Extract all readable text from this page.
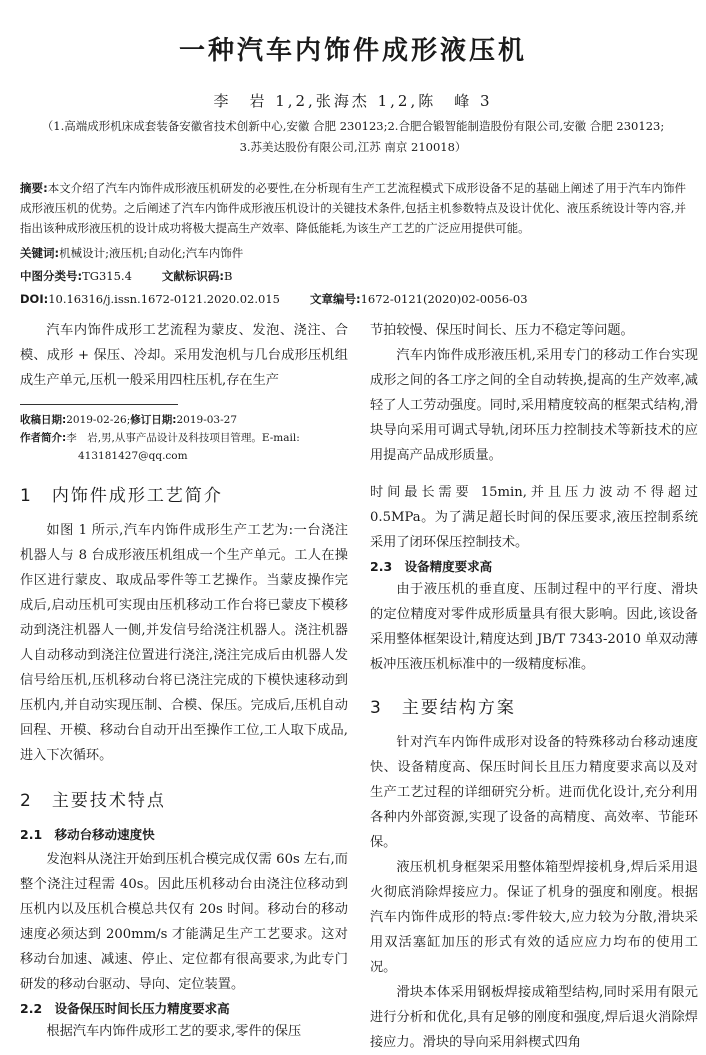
一种汽车内饰件成形液压机
李　岩 1,2,张海杰 1,2,陈　峰 3
（1.高端成形机床成套装备安徽省技术创新中心,安徽 合肥 230123;2.合肥合锻智能制造股份有限公司,安徽 合肥 230123;
3.苏美达股份有限公司,江苏 南京 210018）
摘要:本文介绍了汽车内饰件成形液压机研发的必要性,在分析现有生产工艺流程模式下成形设备不足的基础上阐述了用于汽车内饰件成形液压机的优势。之后阐述了汽车内饰件成形液压机设计的关键技术条件,包括主机参数特点及设计优化、液压系统设计等内容,并指出该种成形液压机的设计成功将极大提高生产效率、降低能耗,为该生产工艺的广泛应用提供可能。
关键词:机械设计;液压机;自动化;汽车内饰件
中图分类号:TG315.4	文献标识码:B
DOI:10.16316/j.issn.1672-0121.2020.02.015	文章编号:1672-0121(2020)02-0056-03

汽车内饰件成形工艺流程为蒙皮、发泡、浇注、合模、成形 + 保压、冷却。采用发泡机与几台成形压机组成生产单元,压机一般采用四柱压机,存在生产

收稿日期:2019-02-26;修订日期:2019-03-27

作者简介:李　岩,男,从事产品设计及科技项目管理。E-mail:

413181427@qq.com

1　内饰件成形工艺简介

如图 1 所示,汽车内饰件成形生产工艺为:一台浇注机器人与 8 台成形液压机组成一个生产单元。工人在操作区进行蒙皮、取成品零件等工艺操作。当蒙皮操作完成后,启动压机可实现由压机移动工作台将已蒙皮下模移动到浇注机器人一侧,并发信号给浇注机器人。浇注机器人自动移动到浇注位置进行浇注,浇注完成后由机器人发信号给压机,压机移动台将已浇注完成的下模快速移动到压机内,并自动实现压制、合模、保压。完成后,压机自动回程、开模、移动台自动开出至操作工位,工人取下成品,进入下次循环。

2　主要技术特点

2.1　移动台移动速度快

发泡料从浇注开始到压机合模完成仅需 60s 左右,而整个浇注过程需 40s。因此压机移动台由浇注位移动到压机内以及压机合模总共仅有 20s 时间。移动台的移动速度必须达到 200mm/s 才能满足生产工艺要求。这对移动台加速、减速、停止、定位都有很高要求,为此专门研发的移动台驱动、导向、定位装置。

2.2　设备保压时间长压力精度要求高

根据汽车内饰件成形工艺的要求,零件的保压

节拍较慢、保压时间长、压力不稳定等问题。

汽车内饰件成形液压机,采用专门的移动工作台实现成形之间的各工序之间的全自动转换,提高的生产效率,减轻了人工劳动强度。同时,采用精度较高的框架式结构,滑块导向采用可调式导轨,闭环压力控制技术等新技术的应用提高产品成形质量。

时间最长需要 15min,并且压力波动不得超过 0.5MPa。为了满足超长时间的保压要求,液压控制系统采用了闭环保压控制技术。

2.3　设备精度要求高

由于液压机的垂直度、压制过程中的平行度、滑块的定位精度对零件成形质量具有很大影响。因此,该设备采用整体框架设计,精度达到 JB/T 7343-2010 单双动薄板冲压液压机标准中的一级精度标准。

3　主要结构方案

针对汽车内饰件成形对设备的特殊移动台移动速度快、设备精度高、保压时间长且压力精度要求高以及对生产工艺过程的详细研究分析。进而优化设计,充分利用各种内外部资源,实现了设备的高精度、高效率、节能环保。

液压机机身框架采用整体箱型焊接机身,焊后采用退火彻底消除焊接应力。保证了机身的强度和刚度。根据汽车内饰件成形的特点:零件较大,应力较为分散,滑块采用双活塞缸加压的形式有效的适应应力均布的使用工况。

滑块本体采用钢板焊接成箱型结构,同时采用有限元进行分析和优化,具有足够的刚度和强度,焊后退火消除焊接应力。滑块的导向采用斜楔式四角
